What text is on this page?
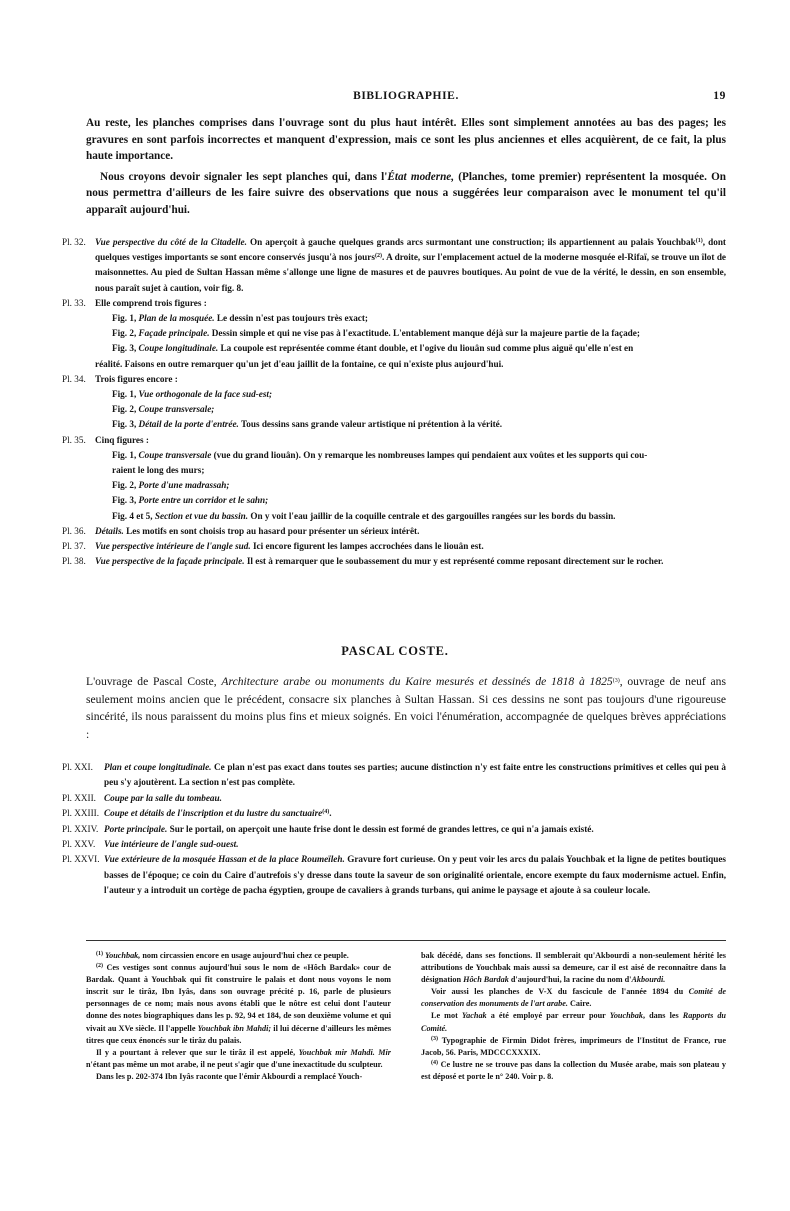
BIBLIOGRAPHIE.	19

Au reste, les planches comprises dans l'ouvrage sont du plus haut intérêt. Elles sont simplement annotées au bas des pages; les gravures en sont parfois incorrectes et manquent d'expression, mais ce sont les plus anciennes et elles acquièrent, de ce fait, la plus haute importance.

Nous croyons devoir signaler les sept planches qui, dans l'État moderne, (Planches, tome premier) représentent la mosquée. On nous permettra d'ailleurs de les faire suivre des observations que nous a suggérées leur comparaison avec le monument tel qu'il apparaît aujourd'hui.

Pl. 32. Vue perspective du côté de la Citadelle. On aperçoit à gauche quelques grands arcs surmontant une construction; ils appartiennent au palais Youchbak$^{(1)}$, dont quelques vestiges importants se sont encore conservés jusqu'à nos jours$^{(2)}$. A droite, sur l'emplacement actuel de la moderne mosquée el-Rifaï, se trouve un îlot de maisonnettes. Au pied de Sultan Hassan même s'allonge une ligne de masures et de pauvres boutiques. Au point de vue de la vérité, le dessin, en son ensemble, nous paraît sujet à caution, voir fig. 8.
Pl. 33. Elle comprend trois figures :
Fig. 1, Plan de la mosquée. Le dessin n'est pas toujours très exact;
Fig. 2, Façade principale. Dessin simple et qui ne vise pas à l'exactitude. L'entablement manque déjà sur la majeure partie de la façade;
Fig. 3, Coupe longitudinale. La coupole est représentée comme étant double, et l'ogive du liouân sud comme plus aiguë qu'elle n'est en
réalité. Faisons en outre remarquer qu'un jet d'eau jaillit de la fontaine, ce qui n'existe plus aujourd'hui.
Pl. 34. Trois figures encore :
Fig. 1, Vue orthogonale de la face sud-est;
Fig. 2, Coupe transversale;
Fig. 3, Détail de la porte d'entrée. Tous dessins sans grande valeur artistique ni prétention à la vérité.
Pl. 35. Cinq figures :
Fig. 1, Coupe transversale (vue du grand liouân). On y remarque les nombreuses lampes qui pendaient aux voûtes et les supports qui cou-
raient le long des murs;
Fig. 2, Porte d'une madrassah;
Fig. 3, Porte entre un corridor et le sahn;
Fig. 4 et 5, Section et vue du bassin. On y voit l'eau jaillir de la coquille centrale et des gargouilles rangées sur les bords du bassin.
Pl. 36. Détails. Les motifs en sont choisis trop au hasard pour présenter un sérieux intérêt.
Pl. 37. Vue perspective intérieure de l'angle sud. Ici encore figurent les lampes accrochées dans le liouân est.
Pl. 38. Vue perspective de la façade principale. Il est à remarquer que le soubassement du mur y est représenté comme reposant directement sur le rocher.
PASCAL COSTE.

L'ouvrage de Pascal Coste, Architecture arabe ou monuments du Kaire mesurés et dessinés de 1818 à 1825$^{(3)}$, ouvrage de neuf ans seulement moins ancien que le précédent, consacre six planches à Sultan Hassan. Si ces dessins ne sont pas toujours d'une rigoureuse sincérité, ils nous paraissent du moins plus fins et mieux soignés. En voici l'énumération, accompagnée de quelques brèves appréciations :

Pl. XXI. Plan et coupe longitudinale. Ce plan n'est pas exact dans toutes ses parties; aucune distinction n'y est faite entre les constructions primitives et celles qui peu à peu s'y ajoutèrent. La section n'est pas complète.
Pl. XXII. Coupe par la salle du tombeau.
Pl. XXIII. Coupe et détails de l'inscription et du lustre du sanctuaire$^{(4)}$.
Pl. XXIV. Porte principale. Sur le portail, on aperçoit une haute frise dont le dessin est formé de grandes lettres, ce qui n'a jamais existé.
Pl. XXV. Vue intérieure de l'angle sud-ouest.
Pl. XXVI. Vue extérieure de la mosquée Hassan et de la place Roumeïleh. Gravure fort curieuse. On y peut voir les arcs du palais Youchbak et la ligne de petites boutiques basses de l'époque; ce coin du Caire d'autrefois s'y dresse dans toute la saveur de son originalité orientale, encore exempte du faux modernisme actuel. Enfin, l'auteur y a introduit un cortège de pacha égyptien, groupe de cavaliers à grands turbans, qui anime le paysage et ajoute à sa couleur locale.

$^{(1)}$ Youchbak, nom circassien encore en usage aujourd'hui chez ce peuple.

$^{(2)}$ Ces vestiges sont connus aujourd'hui sous le nom de «Hôch Bardak» cour de Bardak. Quant à Youchbak qui fit construire le palais et dont nous voyons le nom inscrit sur le tirâz, Ibn Iyâs, dans son ouvrage précité p. 16, parle de plusieurs personnages de ce nom; mais nous avons établi que le nôtre est celui dont l'auteur donne des notes biographiques dans les p. 92, 94 et 184, de son deuxième volume et qui vivait au XVe siècle. Il l'appelle Youchbak ibn Mahdi; il lui décerne d'ailleurs les mêmes titres que ceux énoncés sur le tirâz du palais.

Il y a pourtant à relever que sur le tirâz il est appelé, Youchbak mir Mahdi. Mir n'étant pas même un mot arabe, il ne peut s'agir que d'une inexactitude du sculpteur.

Dans les p. 202-374 Ibn Iyâs raconte que l'émir Akbourdi a remplacé Youch-

bak décédé, dans ses fonctions. Il semblerait qu'Akbourdi a non-seulement hérité les attributions de Youchbak mais aussi sa demeure, car il est aisé de reconnaître dans la désignation Hôch Bardak d'aujourd'hui, la racine du nom d'Akbourdi.

Voir aussi les planches de V-X du fascicule de l'année 1894 du Comité de conservation des monuments de l'art arabe. Caire.

Le mot Yachak a été employé par erreur pour Youchbak, dans les Rapports du Comité.

$^{(3)}$ Typographie de Firmin Didot frères, imprimeurs de l'Institut de France, rue Jacob, 56. Paris, MDCCCXXXIX.

$^{(4)}$ Ce lustre ne se trouve pas dans la collection du Musée arabe, mais son plateau y est déposé et porte le n° 240. Voir p. 8.
